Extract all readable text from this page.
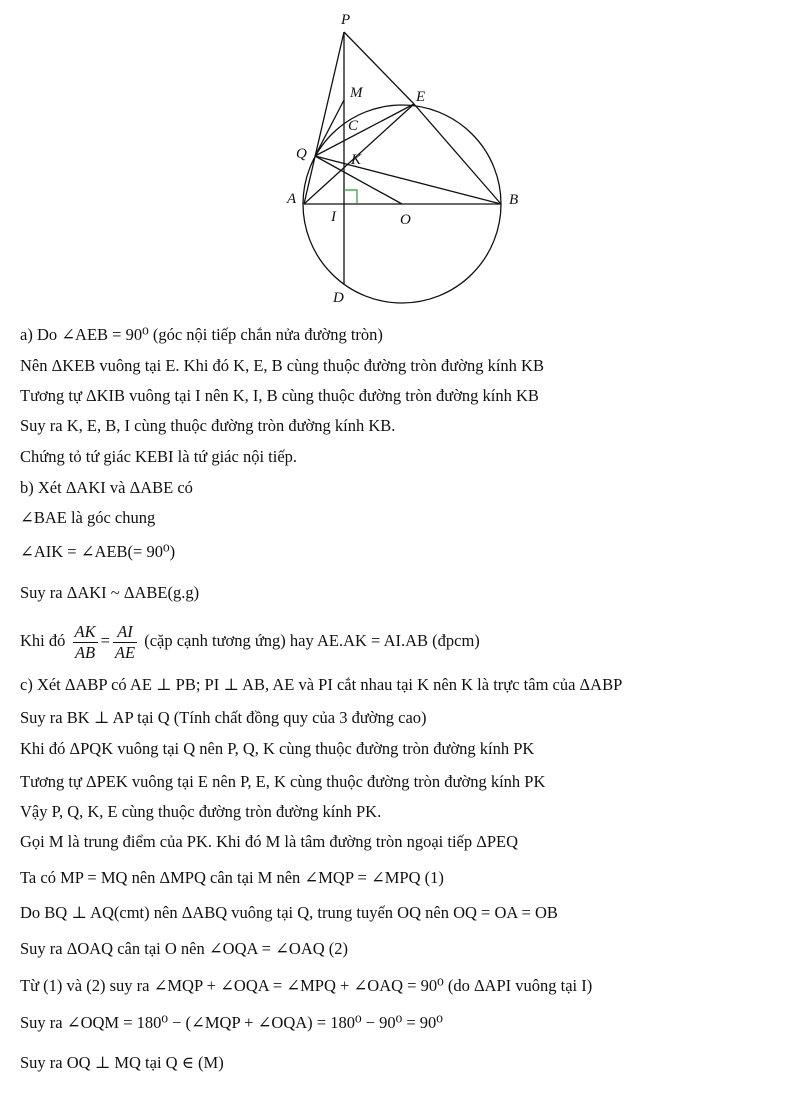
P
M	E
C
Q	K
A	B
I	O
D
a) Do ∠AEB = 90⁰ (góc nội tiếp chắn nửa đường tròn)
Nên ΔKEB vuông tại E. Khi đó K, E, B cùng thuộc đường tròn đường kính KB
Tương tự ΔKIB vuông tại I nên K, I, B cùng thuộc đường tròn đường kính KB
Suy ra K, E, B, I cùng thuộc đường tròn đường kính KB.
Chứng tỏ tứ giác KEBI là tứ giác nội tiếp.
b) Xét ΔAKI và ΔABE có
∠BAE là góc chung
∠AIK = ∠AEB(= 90⁰)
Suy ra ΔAKI ~ ΔABE(g.g)
Khi đó $\frac{AK}{AB} = \frac{AI}{AE}$ (cặp cạnh tương ứng) hay AE.AK = AI.AB (đpcm)
c) Xét ΔABP có AE ⊥ PB; PI ⊥ AB, AE và PI cắt nhau tại K nên K là trực tâm của ΔABP
Suy ra BK ⊥ AP tại Q (Tính chất đồng quy của 3 đường cao)
Khi đó ΔPQK vuông tại Q nên P, Q, K cùng thuộc đường tròn đường kính PK
Tương tự ΔPEK vuông tại E nên P, E, K cùng thuộc đường tròn đường kính PK
Vậy P, Q, K, E cùng thuộc đường tròn đường kính PK.
Gọi M là trung điểm của PK. Khi đó M là tâm đường tròn ngoại tiếp ΔPEQ
Ta có MP = MQ nên ΔMPQ cân tại M nên ∠MQP = ∠MPQ (1)
Do BQ ⊥ AQ(cmt) nên ΔABQ vuông tại Q, trung tuyến OQ nên OQ = OA = OB
Suy ra ΔOAQ cân tại O nên ∠OQA = ∠OAQ (2)
Từ (1) và (2) suy ra ∠MQP + ∠OQA = ∠MPQ + ∠OAQ = 90⁰ (do ΔAPI vuông tại I)
Suy ra ∠OQM = 180⁰ − (∠MQP + ∠OQA) = 180⁰ − 90⁰ = 90⁰
Suy ra OQ ⊥ MQ tại Q ∈ (M)
